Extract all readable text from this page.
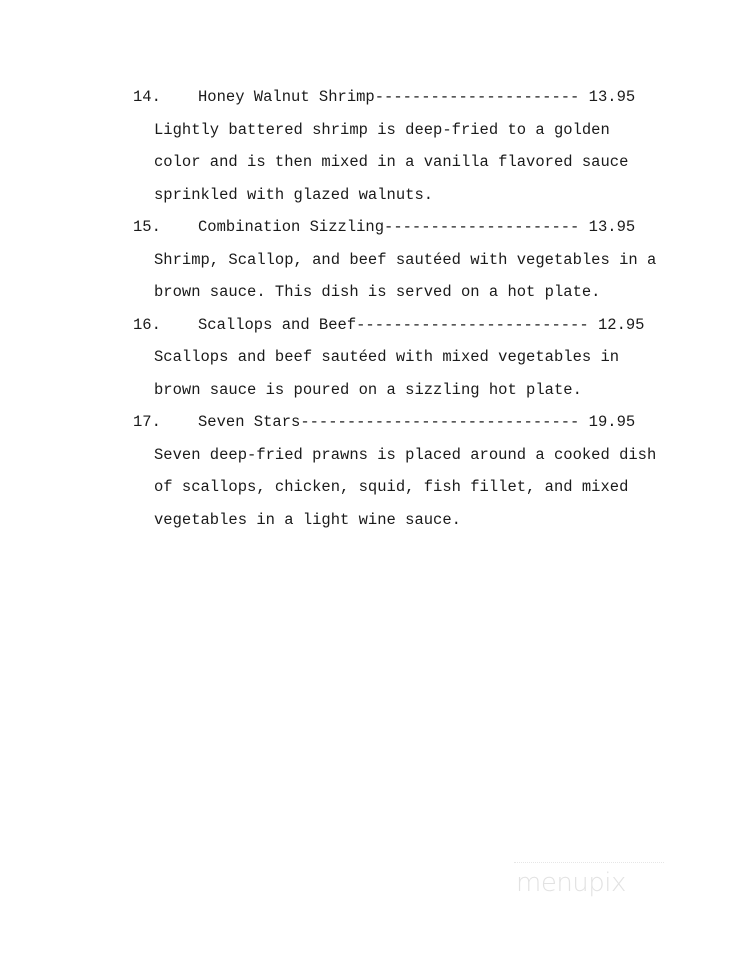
14. Honey Walnut Shrimp---------------------- 13.95
Lightly battered shrimp is deep-fried to a golden
color and is then mixed in a vanilla flavored sauce
sprinkled with glazed walnuts.
15. Combination Sizzling--------------------- 13.95
Shrimp, Scallop, and beef sautéed with vegetables in a
brown sauce. This dish is served on a hot plate.
16. Scallops and Beef------------------------- 12.95
Scallops and beef sautéed with mixed vegetables in
brown sauce is poured on a sizzling hot plate.
17. Seven Stars------------------------------ 19.95
Seven deep-fried prawns is placed around a cooked dish
of scallops, chicken, squid, fish fillet, and mixed
vegetables in a light wine sauce.
menupix
